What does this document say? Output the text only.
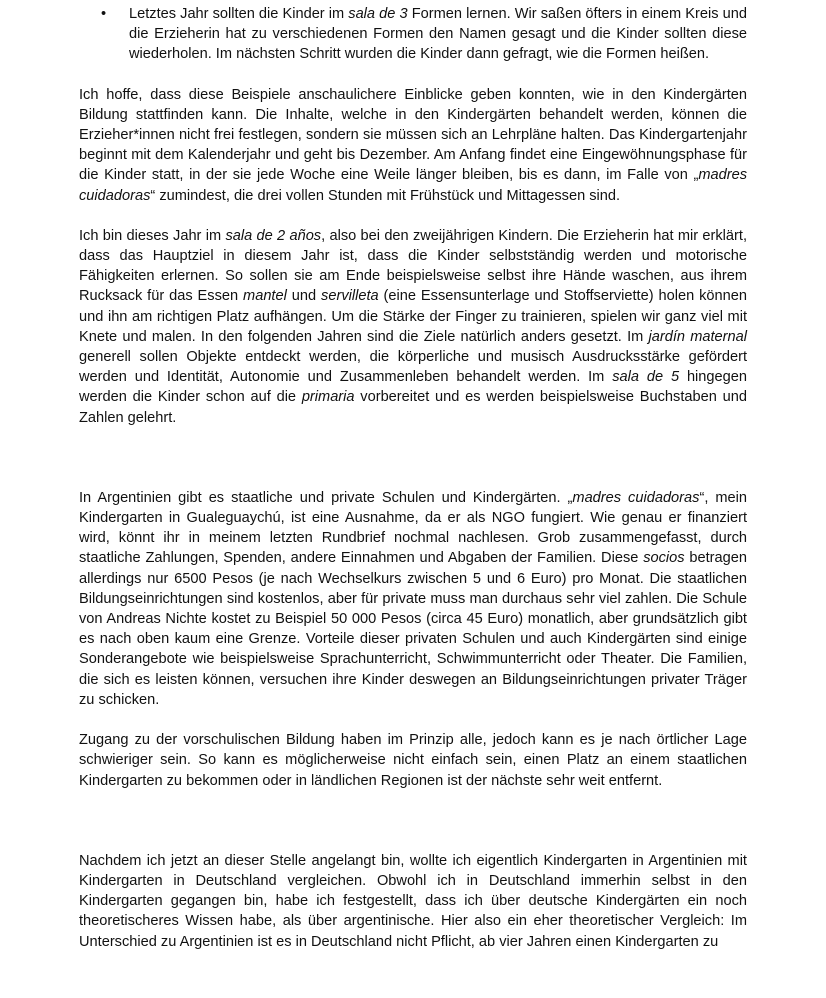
• Letztes Jahr sollten die Kinder im sala de 3 Formen lernen. Wir saßen öfters in einem Kreis und die Erzieherin hat zu verschiedenen Formen den Namen gesagt und die Kinder sollten diese wiederholen. Im nächsten Schritt wurden die Kinder dann gefragt, wie die Formen heißen.

Ich hoffe, dass diese Beispiele anschaulichere Einblicke geben konnten, wie in den Kindergärten Bildung stattfinden kann. Die Inhalte, welche in den Kindergärten behandelt werden, können die Erzieher*innen nicht frei festlegen, sondern sie müssen sich an Lehrpläne halten. Das Kindergartenjahr beginnt mit dem Kalenderjahr und geht bis Dezember. Am Anfang findet eine Eingewöhnungsphase für die Kinder statt, in der sie jede Woche eine Weile länger bleiben, bis es dann, im Falle von „madres cuidadoras“ zumindest, die drei vollen Stunden mit Frühstück und Mittagessen sind.

Ich bin dieses Jahr im sala de 2 años, also bei den zweijährigen Kindern. Die Erzieherin hat mir erklärt, dass das Hauptziel in diesem Jahr ist, dass die Kinder selbstständig werden und motorische Fähigkeiten erlernen. So sollen sie am Ende beispielsweise selbst ihre Hände waschen, aus ihrem Rucksack für das Essen mantel und servilleta (eine Essensunterlage und Stoffserviette) holen können und ihn am richtigen Platz aufhängen. Um die Stärke der Finger zu trainieren, spielen wir ganz viel mit Knete und malen. In den folgenden Jahren sind die Ziele natürlich anders gesetzt. Im jardín maternal generell sollen Objekte entdeckt werden, die körperliche und musisch Ausdrucksstärke gefördert werden und Identität, Autonomie und Zusammenleben behandelt werden. Im sala de 5 hingegen werden die Kinder schon auf die primaria vorbereitet und es werden beispielsweise Buchstaben und Zahlen gelehrt.

In Argentinien gibt es staatliche und private Schulen und Kindergärten. „madres cuidadoras“, mein Kindergarten in Gualeguaychú, ist eine Ausnahme, da er als NGO fungiert. Wie genau er finanziert wird, könnt ihr in meinem letzten Rundbrief nochmal nachlesen. Grob zusammengefasst, durch staatliche Zahlungen, Spenden, andere Einnahmen und Abgaben der Familien. Diese socios betragen allerdings nur 6500 Pesos (je nach Wechselkurs zwischen 5 und 6 Euro) pro Monat. Die staatlichen Bildungseinrichtungen sind kostenlos, aber für private muss man durchaus sehr viel zahlen. Die Schule von Andreas Nichte kostet zu Beispiel 50 000 Pesos (circa 45 Euro) monatlich, aber grundsätzlich gibt es nach oben kaum eine Grenze. Vorteile dieser privaten Schulen und auch Kindergärten sind einige Sonderangebote wie beispielsweise Sprachunterricht, Schwimmunterricht oder Theater. Die Familien, die sich es leisten können, versuchen ihre Kinder deswegen an Bildungseinrichtungen privater Träger zu schicken.

Zugang zu der vorschulischen Bildung haben im Prinzip alle, jedoch kann es je nach örtlicher Lage schwieriger sein. So kann es möglicherweise nicht einfach sein, einen Platz an einem staatlichen Kindergarten zu bekommen oder in ländlichen Regionen ist der nächste sehr weit entfernt.

Nachdem ich jetzt an dieser Stelle angelangt bin, wollte ich eigentlich Kindergarten in Argentinien mit Kindergarten in Deutschland vergleichen. Obwohl ich in Deutschland immerhin selbst in den Kindergarten gegangen bin, habe ich festgestellt, dass ich über deutsche Kindergärten ein noch theoretischeres Wissen habe, als über argentinische. Hier also ein eher theoretischer Vergleich: Im Unterschied zu Argentinien ist es in Deutschland nicht Pflicht, ab vier Jahren einen Kindergarten zu
